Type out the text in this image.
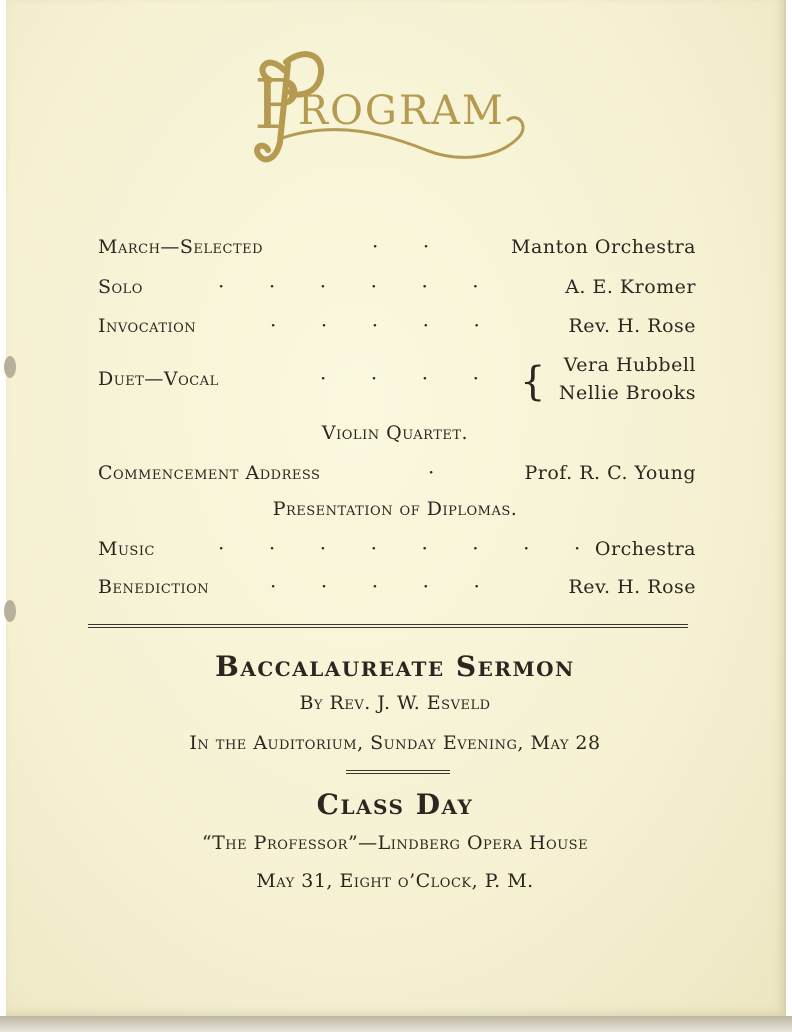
P
ROGRAM
March—Selected	·       ·	Manton Orchestra
Solo	·       ·       ·       ·       ·       ·	A. E. Kromer
Invocation	·       ·       ·       ·       ·	Rev. H. Rose
Duet—Vocal	·       ·       ·       · { Vera Hubbell
Nellie Brooks
Violin Quartet.
Commencement Address	·	Prof. R. C. Young
Presentation of Diplomas.
Music	·       ·       ·       ·       ·       ·       ·       · Orchestra
Benediction	·       ·       ·       ·       ·	Rev. H. Rose
Baccalaureate Sermon
By Rev. J. W. Esveld
In the Auditorium, Sunday Evening, May 28
Class Day
“The Professor”—Lindberg Opera House
May 31, Eight o’Clock, P. M.
